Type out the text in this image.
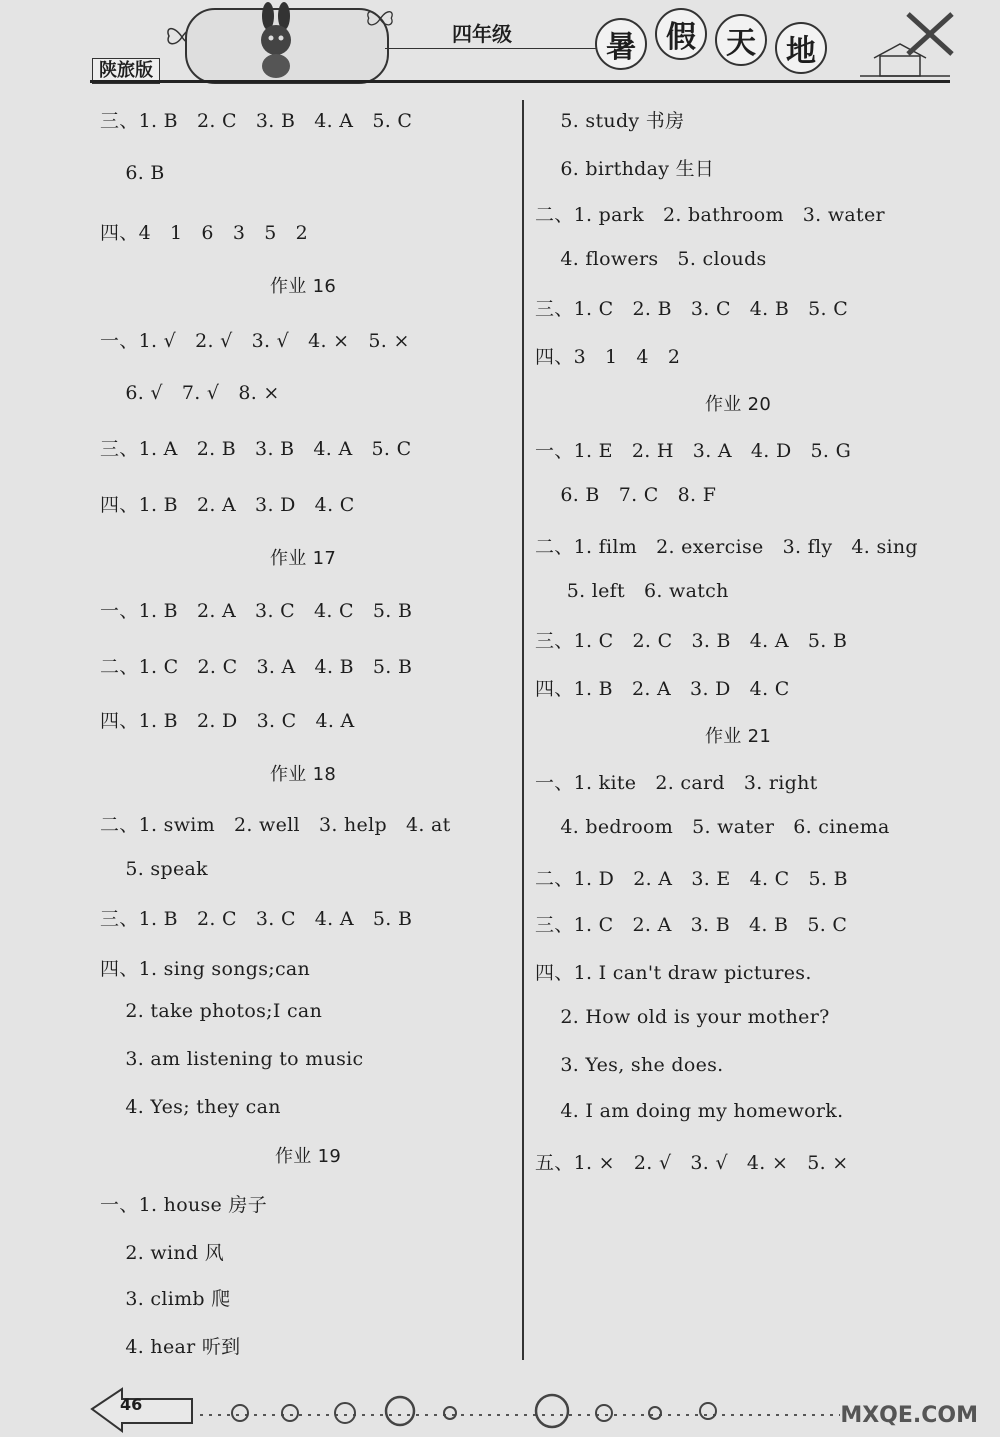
陕旅版
四年级	暑	假	天	地
三、1. B   2. C   3. B   4. A   5. C
6. B
四、4   1   6   3   5   2
作业 16
一、1. √   2. √   3. √   4. ×   5. ×
6. √   7. √   8. ×
三、1. A   2. B   3. B   4. A   5. C
四、1. B   2. A   3. D   4. C
作业 17
一、1. B   2. A   3. C   4. C   5. B
二、1. C   2. C   3. A   4. B   5. B
四、1. B   2. D   3. C   4. A
作业 18
二、1. swim   2. well   3. help   4. at
5. speak
三、1. B   2. C   3. C   4. A   5. B
四、1. sing songs;can
2. take photos;I can
3. am listening to music
4. Yes; they can
作业 19
一、1. house 房子
2. wind 风
3. climb 爬
4. hear 听到
5. study 书房
6. birthday 生日
二、1. park   2. bathroom   3. water
4. flowers   5. clouds
三、1. C   2. B   3. C   4. B   5. C
四、3   1   4   2
作业 20
一、1. E   2. H   3. A   4. D   5. G
6. B   7. C   8. F
二、1. film   2. exercise   3. fly   4. sing
5. left   6. watch
三、1. C   2. C   3. B   4. A   5. B
四、1. B   2. A   3. D   4. C
作业 21
一、1. kite   2. card   3. right
4. bedroom   5. water   6. cinema
二、1. D   2. A   3. E   4. C   5. B
三、1. C   2. A   3. B   4. B   5. C
四、1. I can't draw pictures.
2. How old is your mother?
3. Yes, she does.
4. I am doing my homework.
五、1. ×   2. √   3. √   4. ×   5. ×
46	MXQE.COM
